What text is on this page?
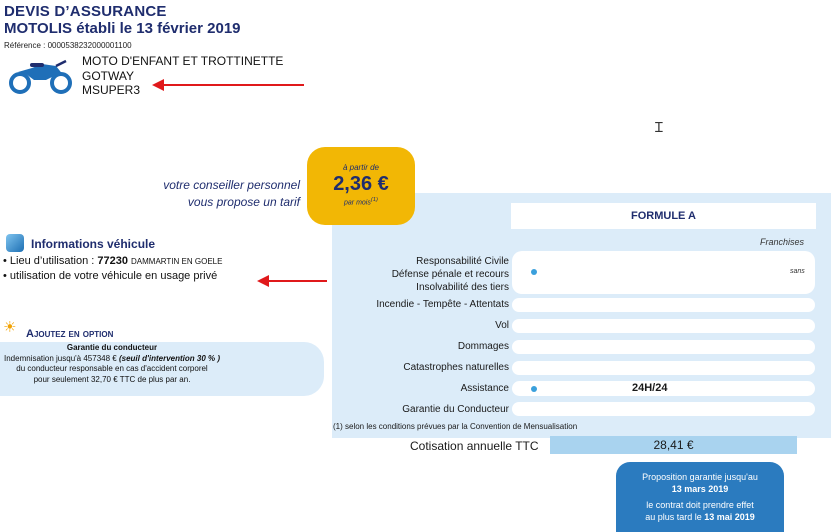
DEVIS D’ASSURANCE
MOTOLIS établi le 13 février 2019
Référence : 0000538232000001100
MOTO D'ENFANT ET TROTTINETTE
GOTWAY
MSUPER3
Ɪ
votre conseiller personnel
vous propose un tarif
à partir de
2,36 €
par mois$^{(1)}$
FORMULE A
Franchises
Responsabilité Civile
Défense pénale et recours
Insolvabilité des tiers
sans
Incendie - Tempête - Attentats
Vol
Dommages
Catastrophes naturelles
Assistance	24H/24
Garantie du Conducteur
(1) selon les conditions prévues par la Convention de Mensualisation
Cotisation annuelle TTC	28,41 €
Proposition garantie jusqu'au
13 mars 2019
le contrat doit prendre effet
au plus tard le 13 mai 2019
Informations véhicule
• Lieu d’utilisation : 77230 DAMMARTIN EN GOELE
• utilisation de votre véhicule en usage privé
☀ Ajoutez en option
Garantie du conducteur
Indemnisation jusqu'à 457348 € (seuil d'intervention 30 % )
du conducteur responsable en cas d'accident corporel
pour seulement 32,70 € TTC de plus par an.
